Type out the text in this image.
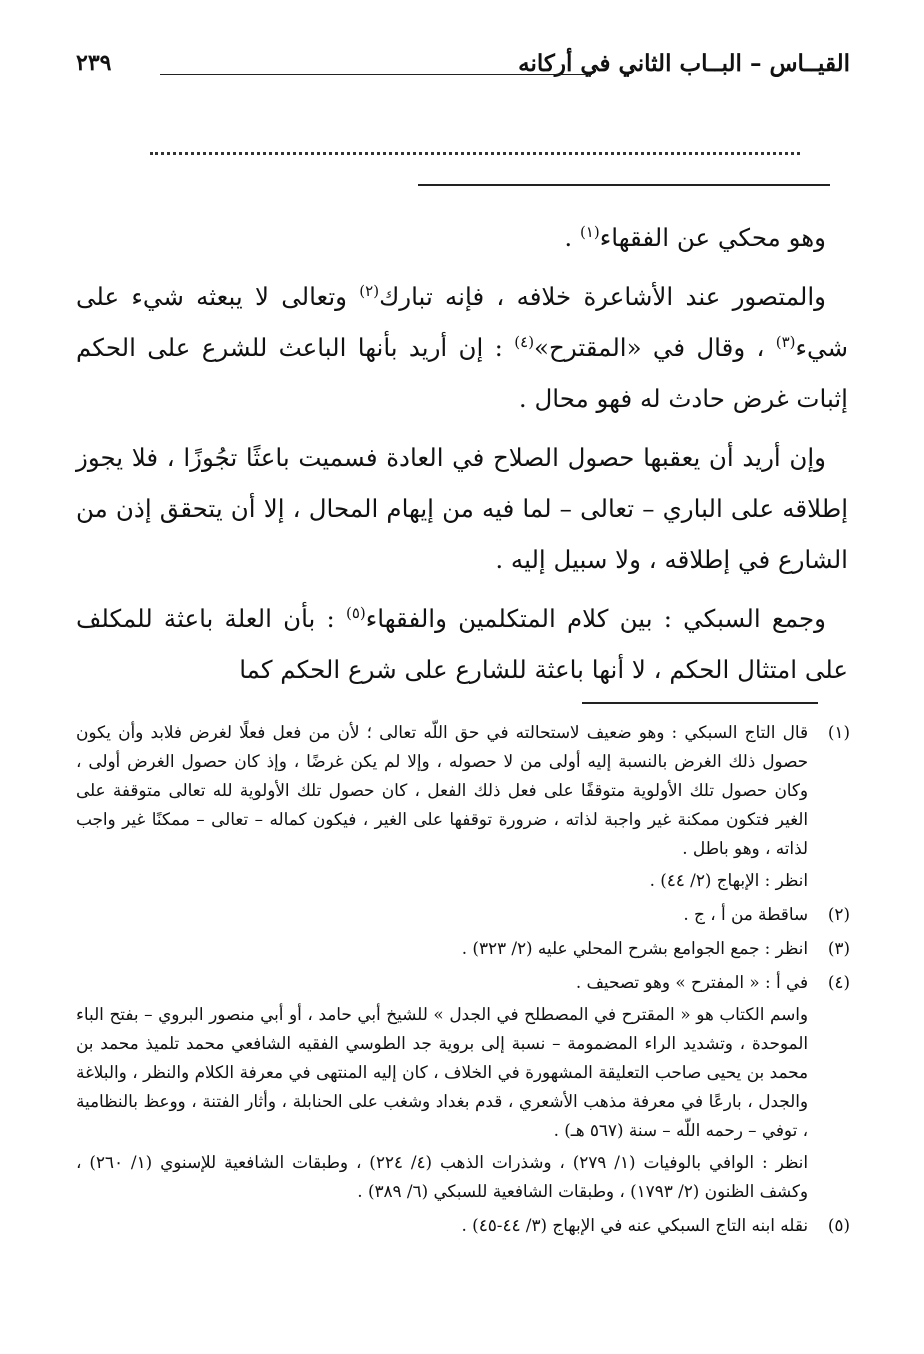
القيــاس – البــاب الثاني في أركانه
٢٣٩

وهو محكي عن الفقهاء$^{(١)}$ .

والمتصور عند الأشاعرة خلافه ، فإنه تبارك$^{(٢)}$ وتعالى لا يبعثه شيء على شيء$^{(٣)}$ ، وقال في «المقترح»$^{(٤)}$ : إن أريد بأنها الباعث للشرع على الحكم إثبات غرض حادث له فهو محال .

وإن أريد أن يعقبها حصول الصلاح في العادة فسميت باعثًا تجُوزًا ، فلا يجوز إطلاقه على الباري – تعالى – لما فيه من إيهام المحال ، إلا أن يتحقق إذن من الشارع في إطلاقه ، ولا سبيل إليه .

وجمع السبكي : بين كلام المتكلمين والفقهاء$^{(٥)}$ : بأن العلة باعثة للمكلف على امتثال الحكم ، لا أنها باعثة للشارع على شرع الحكم كما

(١)

قال التاج السبكي : وهو ضعيف لاستحالته في حق اللّه تعالى ؛ لأن من فعل فعلًا لغرض فلابد وأن يكون حصول ذلك الغرض بالنسبة إليه أولى من لا حصوله ، وإلا لم يكن غرضًا ، وإذ كان حصول الغرض أولى ، وكان حصول تلك الأولوية متوقفًا على فعل ذلك الفعل ، كان حصول تلك الأولوية لله تعالى متوقفة على الغير فتكون ممكنة غير واجبة لذاته ، ضرورة توقفها على الغير ، فيكون كماله – تعالى – ممكنًا غير واجب لذاته ، وهو باطل .

انظر : الإبهاج (٢/ ٤٤) .

(٢)

ساقطة من أ ، ج .

(٣)

انظر : جمع الجوامع بشرح المحلي عليه (٢/ ٣٢٣) .

(٤)

في أ : « المفترح » وهو تصحيف .

واسم الكتاب هو « المقترح في المصطلح في الجدل » للشيخ أبي حامد ، أو أبي منصور البروي – بفتح الباء الموحدة ، وتشديد الراء المضمومة – نسبة إلى بروية جد الطوسي الفقيه الشافعي محمد تلميذ محمد بن محمد بن يحيى صاحب التعليقة المشهورة في الخلاف ، كان إليه المنتهى في معرفة الكلام والنظر ، والبلاغة والجدل ، بارعًا في معرفة مذهب الأشعري ، قدم بغداد وشغب على الحنابلة ، وأثار الفتنة ، ووعظ بالنظامية ، توفي – رحمه اللّه – سنة (٥٦٧ هـ) .

انظر : الوافي بالوفيات (١/ ٢٧٩) ، وشذرات الذهب (٤/ ٢٢٤) ، وطبقات الشافعية للإسنوي (١/ ٢٦٠) ، وكشف الظنون (٢/ ١٧٩٣) ، وطبقات الشافعية للسبكي (٦/ ٣٨٩) .

(٥)

نقله ابنه التاج السبكي عنه في الإبهاج (٣/ ٤٤-٤٥) .
